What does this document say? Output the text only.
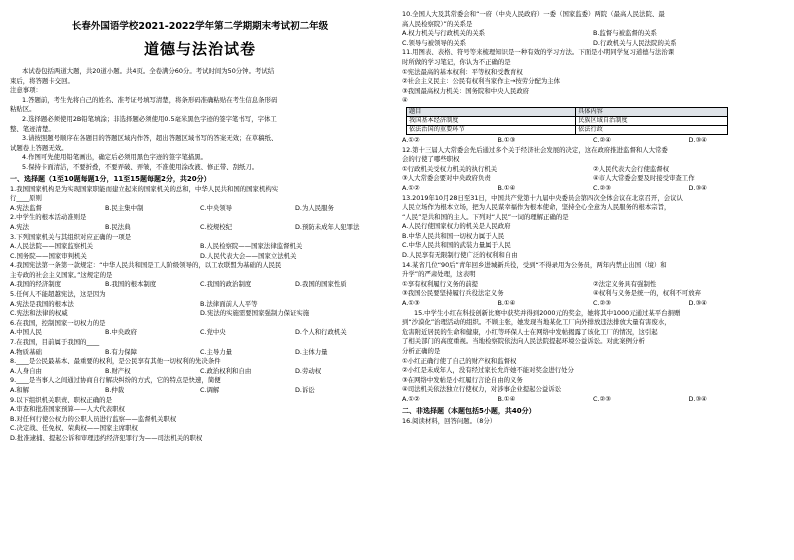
长春外国语学校2021-2022学年第二学期期末考试初二年级
道德与法治试卷

本试卷包括两道大题，共20道小题。共4页。全卷满分60分。考试时间为50分钟。考试结

束后，将答题卡交回。

注意事项：

1.答题前，考生先将自己的姓名、准考证号填写清楚，将条形码准确粘贴在考生信息条形码

粘贴区。

2.选择题必须使用2B铅笔填涂；非选择题必须使用0.5毫米黑色字迹的签字笔书写，字体工

整、笔迹清楚。

3.请按照题号顺序在各题目的答题区域内作答，超出答题区域书写的答案无效；在草稿纸、

试题卷上答题无效。

4.作图可先使用铅笔画出，确定后必须用黑色字迹的签字笔描黑。

5.保持卡面清洁，不要折叠，不要弄破、弄皱，不准使用涂改液、修正带、刮纸刀。

一、选择题（1至10题每题1分，11至15题每题2分，共20分）

1.我国国家机构是为实现国家职能而建立起来的国家机关的总和，中华人民共和国的国家机构实

行____原则

A.宪法监督	B.民主集中制	C.中央领导	D.为人民服务

2.中学生的根本活动准则是

A.宪法	B.民法典	C.校规校纪	D.预防未成年人犯罪法

3.下列国家机关与其组织对应正确的一项是

A.人民法院——国家监察机关	B.人民检察院——国家法律监督机关
C.国务院——国家审判机关	D.人民代表大会——国家立法机关

4.我国宪法第一条第一款规定：“中华人民共和国是工人阶级领导的，以工农联盟为基础的人民民

主专政的社会主义国家。”这规定的是

A.我国的经济制度	B.我国的根本制度	C.我国的政治制度	D.我国的国家性质

5.任何人不能超越宪法，这是因为

A.宪法是我国的根本法	B.法律面前人人平等
C.宪法和法律的权威	D.宪法的实施需要国家强制力保证实施

6.在我国，控制国家一切权力的是

A.中国人民	B.中央政府	C.党中央	D.个人和行政机关

7.在我国，目前属于我国的____

A.物质基础	B.有力保障	C.主导力量	D.主体力量

8.____是公民最基本、最重要的权利，是公民享有其他一切权利的先决条件

A.人身自由	B.财产权	C.政治权利和自由	D.劳动权

9.____是当事人之间通过协商自行解决纠纷的方式，它的特点是快速，简便

A.和解	B.仲裁	C.调解	D.诉讼

9.以下组织机关职责、职权正确的是

A.审查和批准国家预算——人大代表职权

B.对任何行使公权力的公职人员进行监察——监督机关职权

C.决定战、任免权、荣典权——国家主席职权

D.批准逮捕、提起公诉和审理违约经济犯罪行为——司法机关的职权

10.全国人大及其常委会和“一府（中央人民政府）一委（国家监委）两院（最高人民法院、最

高人民检察院）”的关系是

A.权力机关与行政机关的关系	B.监督与被监督的关系
C.领导与被领导的关系	D.行政机关与人民法院的关系

11.用图表、表格、符号等来梳理知识是一种有效的学习方法。下面是小明同学复习道德与法治课

时所做的学习笔记，你认为不正确的是

①宪法最高的基本权利：平等权和受教育权

②社会主义民主：公民有权利当家作主→按劳分配为主体

③我国最高权力机关：国务院和中央人民政府

④

题目	具体内容
我国基本经济制度	民族区域自治制度
依法治国的重要环节	依法行政
A.①②	B.①③	C.②④	D.③④

12.第十三届人大常委会先后通过多个关于经济社会发展的决定，这在政府推进监督和人大常委

会的行使了哪些职权

①行政机关受权力机关的执行机关	②人民代表大会行使监督权
③人大常委会要对中央政府负责	④市人大常委会要及时接受审查工作
A.①②	B.①④	C.②③	D.③④

13.2019年10月28日至31日，中国共产党第十九届中央委员会第四次全体会议在北京召开，会议认

人民立场作为根本立场，把为人民谋幸福作为根本使命，坚持全心全意为人民服务的根本宗旨，

“人民”是共和国的主人。下列对“人民”一词的理解正确的是

A.人民行使国家权力的机关是人民政府

B.中华人民共和国一切权力属于人民

C.中华人民共和国的武装力量属于人民

D.人民享有无限制行使广泛的权利和自由

14.某省几位“90后”青年回乡进城新兵役，受到“不得录用为公务员，两年内禁止出国（境）和

升学”的严肃处理，这表明

①享有权利履行义务的前提	②法定义务具有强制性
③我国公民要坚持履行兵役法定义务	④权利与义务是统一的，权利不可放弃
A.①③	B.①④	C.②③	D.③④

15.中学生小红在科技创新比赛中获奖并得到2000元的奖金，她将其中1000元通过某平台捐赠

到“沙漠化”治理活动的组织。不顾主张，她发现当地某化工厂向外排放违法排放大量有害废水，

危害附近居民的生命和健康，小红等环保人士在网络中发帖揭露了该化工厂的情况，这引起

了相关部门的高度重视。当地检察院依法向人民法院提起环境公益诉讼。对此案例分析

分析正确的是

①小红正确行使了自己的财产权和监督权

②小红是未成年人，没有经过家长允许她不能对奖金进行处分

③在网络中发帖是小红履行言论自由的义务

④司法机关依法独立行使权力，对涉事企业提起公益诉讼

A.①②	B.①④	C.②③	D.③④
二、非选择题（本题包括5小题，共40分）

16.阅读材料，回答问题。（8分）
